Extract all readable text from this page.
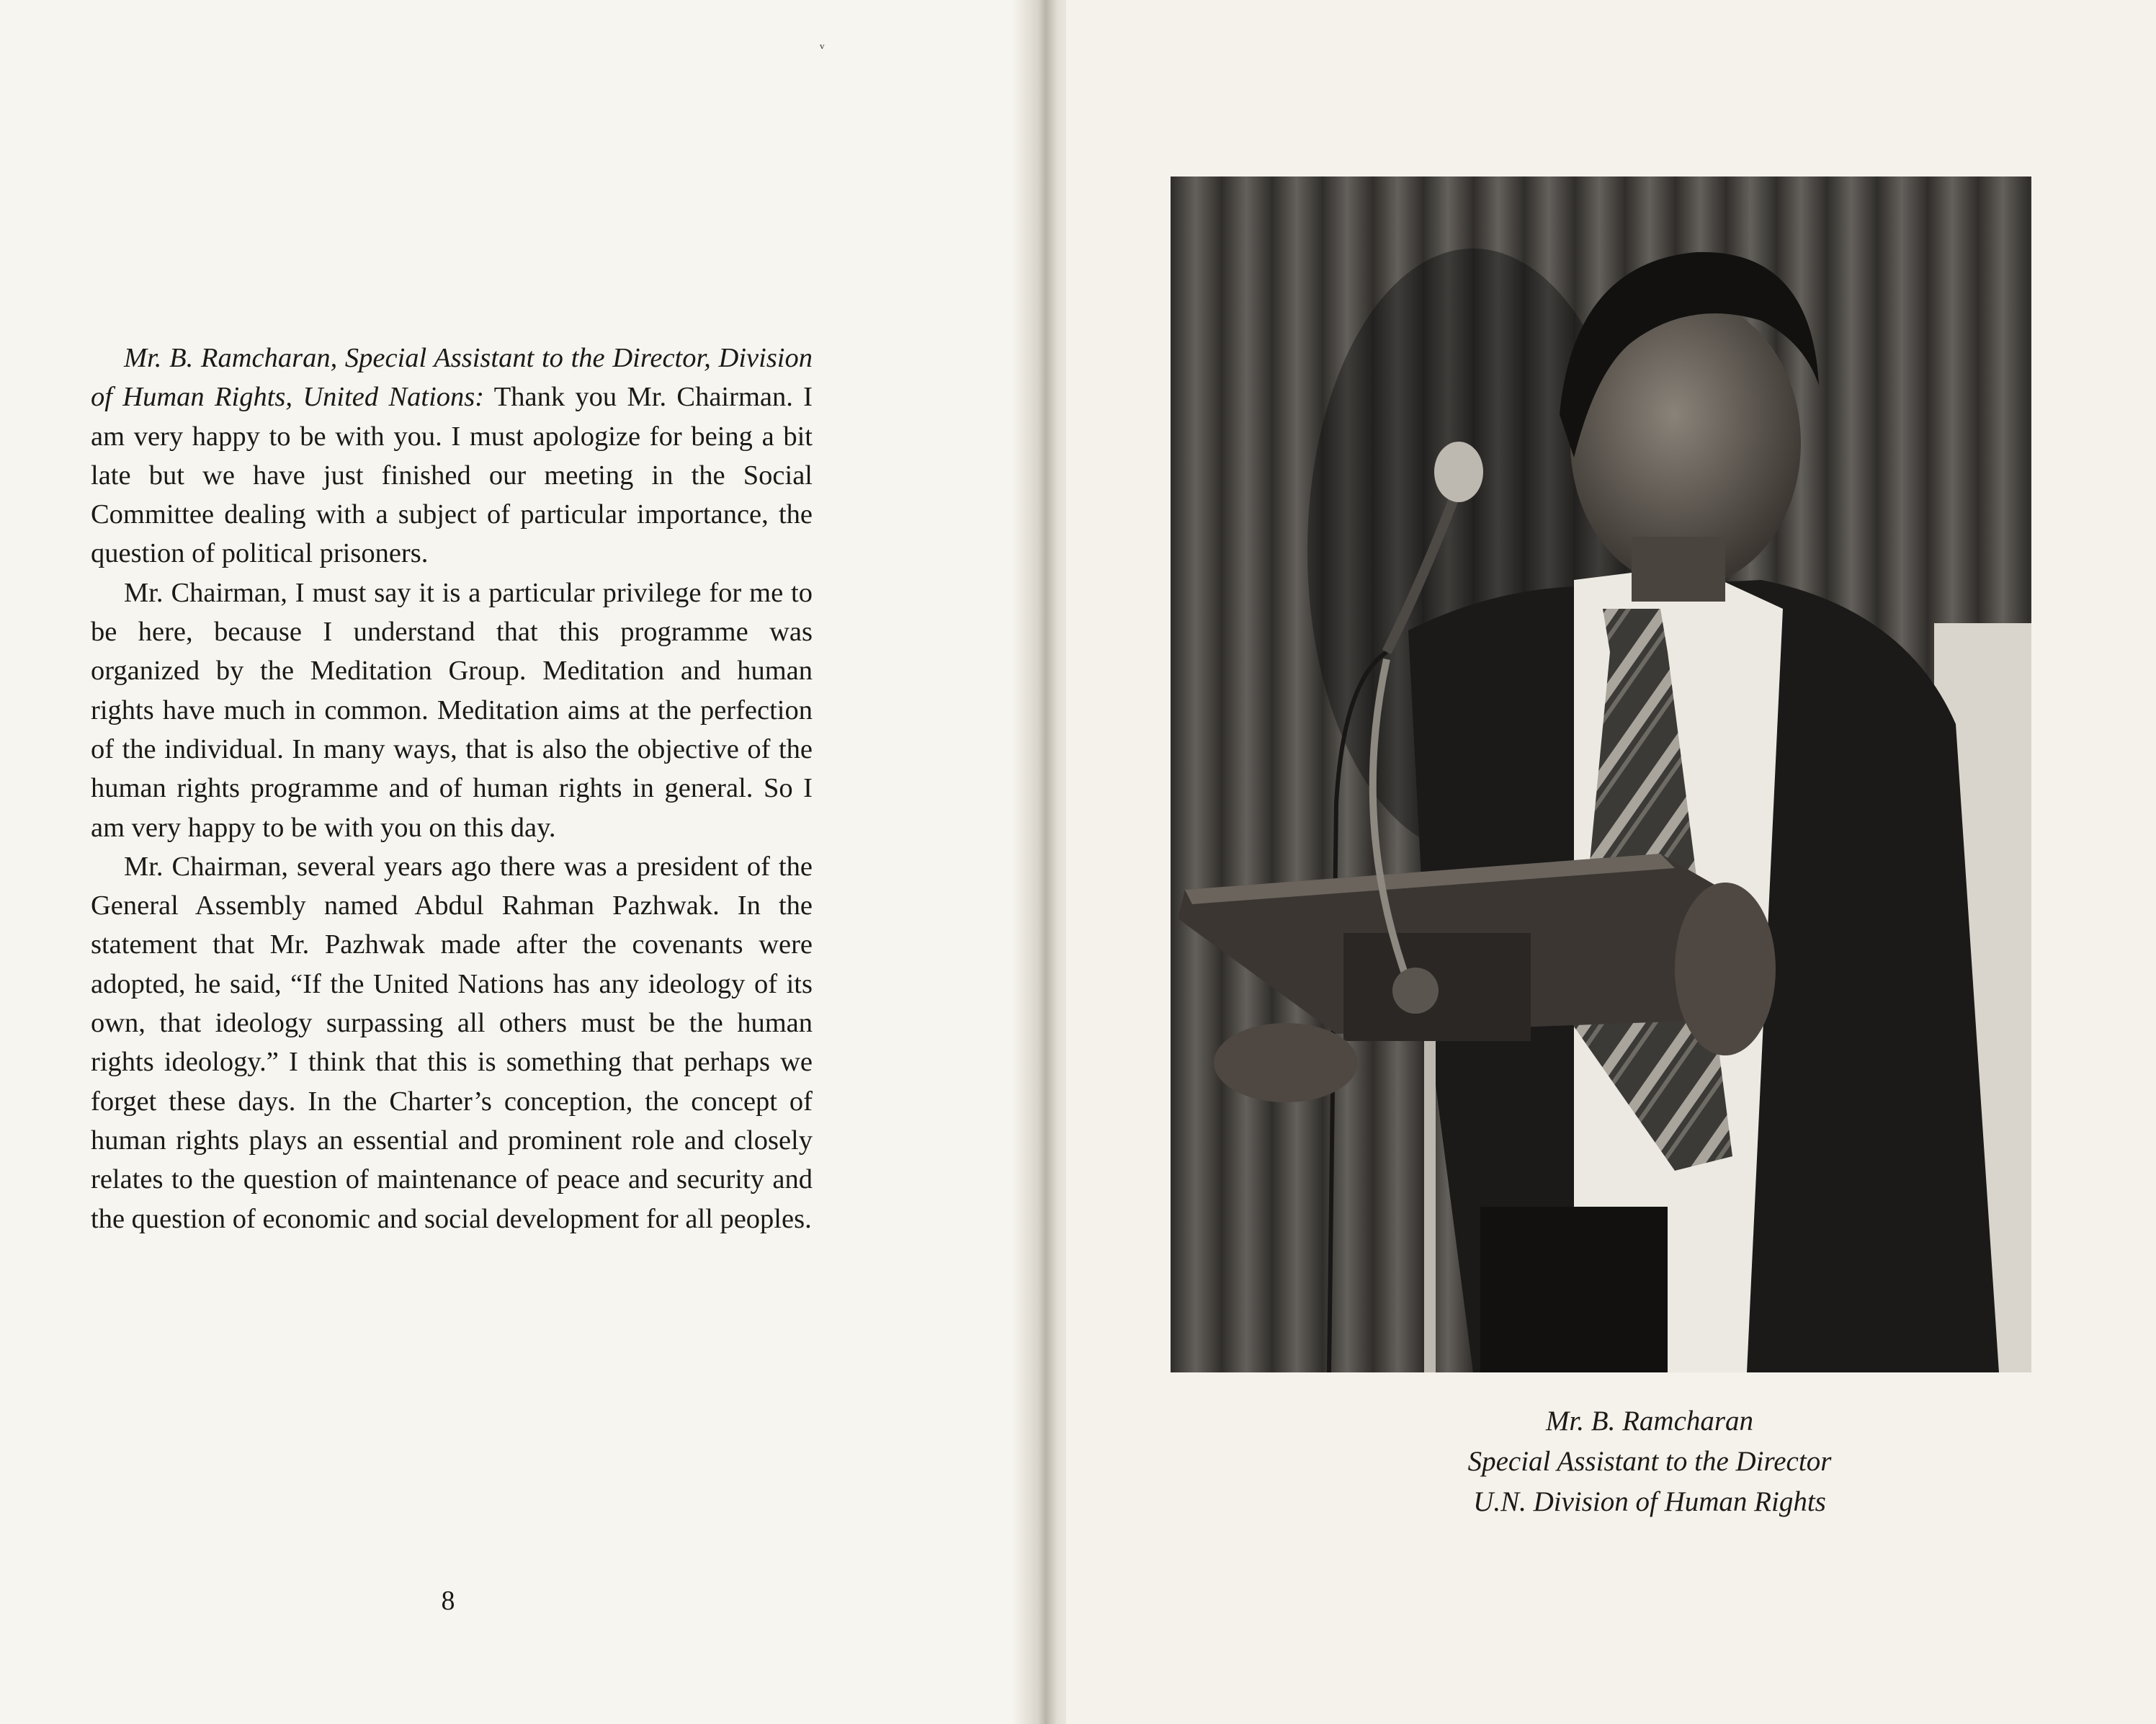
ᵥ

Mr. B. Ramcharan, Special Assistant to the Director, Division of Human Rights, United Nations: Thank you Mr. Chairman. I am very happy to be with you. I must apologize for being a bit late but we have just finished our meeting in the Social Committee dealing with a subject of particular importance, the question of political prisoners.

Mr. Chairman, I must say it is a particular privilege for me to be here, because I understand that this programme was organized by the Meditation Group. Meditation and human rights have much in common. Meditation aims at the perfection of the individual. In many ways, that is also the objective of the human rights programme and of human rights in general. So I am very happy to be with you on this day.

Mr. Chairman, several years ago there was a president of the General Assembly named Abdul Rahman Pazhwak. In the statement that Mr. Pazhwak made after the covenants were adopted, he said, “If the United Nations has any ideology of its own, that ideology surpassing all others must be the human rights ideology.” I think that this is something that perhaps we forget these days. In the Charter’s conception, the concept of human rights plays an essential and prominent role and closely relates to the question of maintenance of peace and security and the question of economic and social development for all peoples.

8
Mr. B. Ramcharan
Special Assistant to the Director
U.N. Division of Human Rights
